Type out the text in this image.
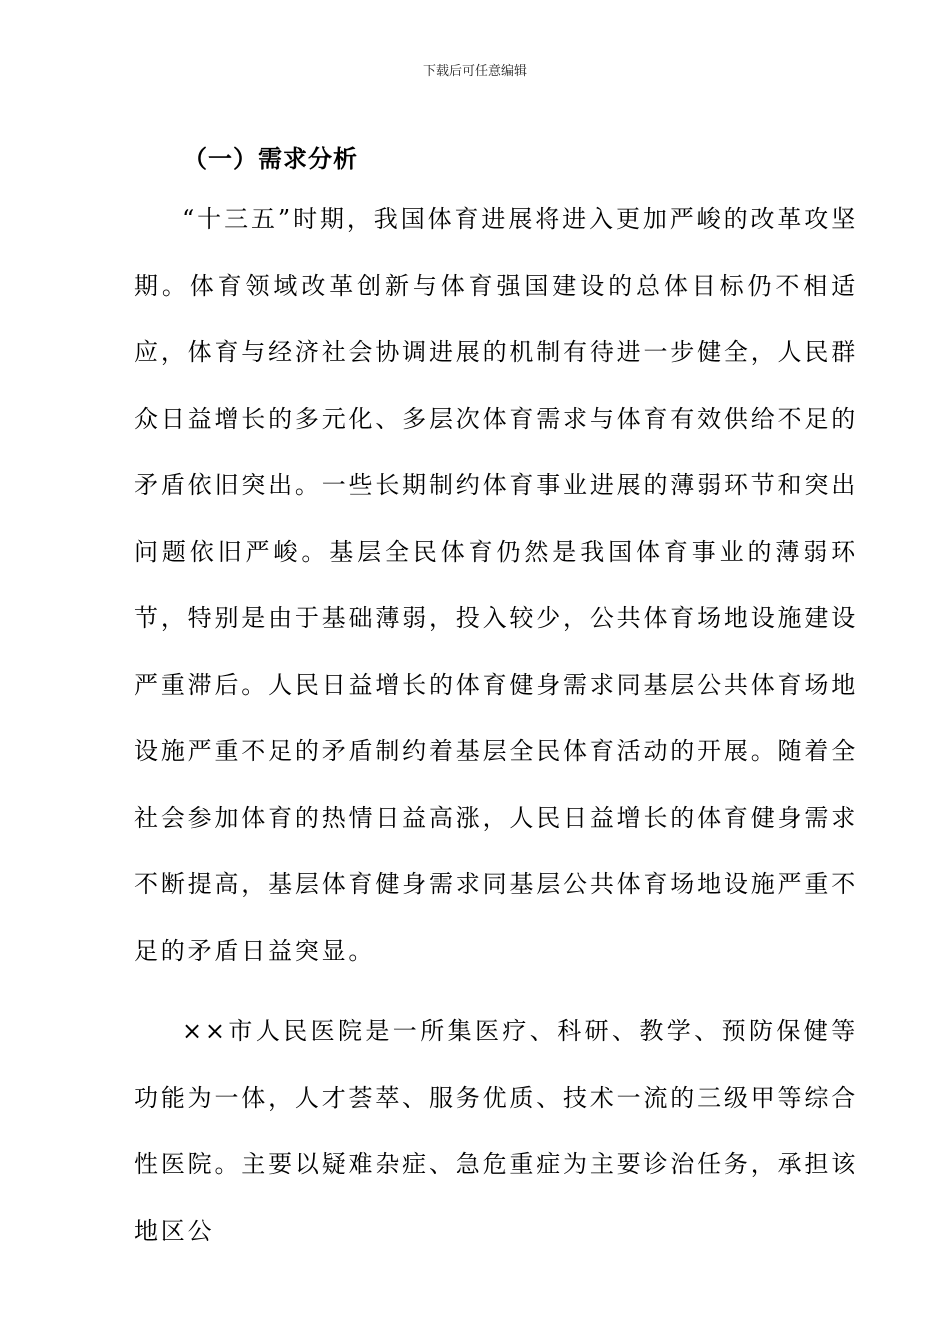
下载后可任意编辑
（一）需求分析

“十三五”时期，我国体育进展将进入更加严峻的改革攻坚期。体育领域改革创新与体育强国建设的总体目标仍不相适应，体育与经济社会协调进展的机制有待进一步健全，人民群众日益增长的多元化、多层次体育需求与体育有效供给不足的矛盾依旧突出。一些长期制约体育事业进展的薄弱环节和突出问题依旧严峻。基层全民体育仍然是我国体育事业的薄弱环节，特别是由于基础薄弱，投入较少，公共体育场地设施建设严重滞后。人民日益增长的体育健身需求同基层公共体育场地设施严重不足的矛盾制约着基层全民体育活动的开展。随着全社会参加体育的热情日益高涨，人民日益增长的体育健身需求不断提高，基层体育健身需求同基层公共体育场地设施严重不足的矛盾日益突显。

××市人民医院是一所集医疗、科研、教学、预防保健等功能为一体，人才荟萃、服务优质、技术一流的三级甲等综合性医院。主要以疑难杂症、急危重症为主要诊治任务，承担该地区公
